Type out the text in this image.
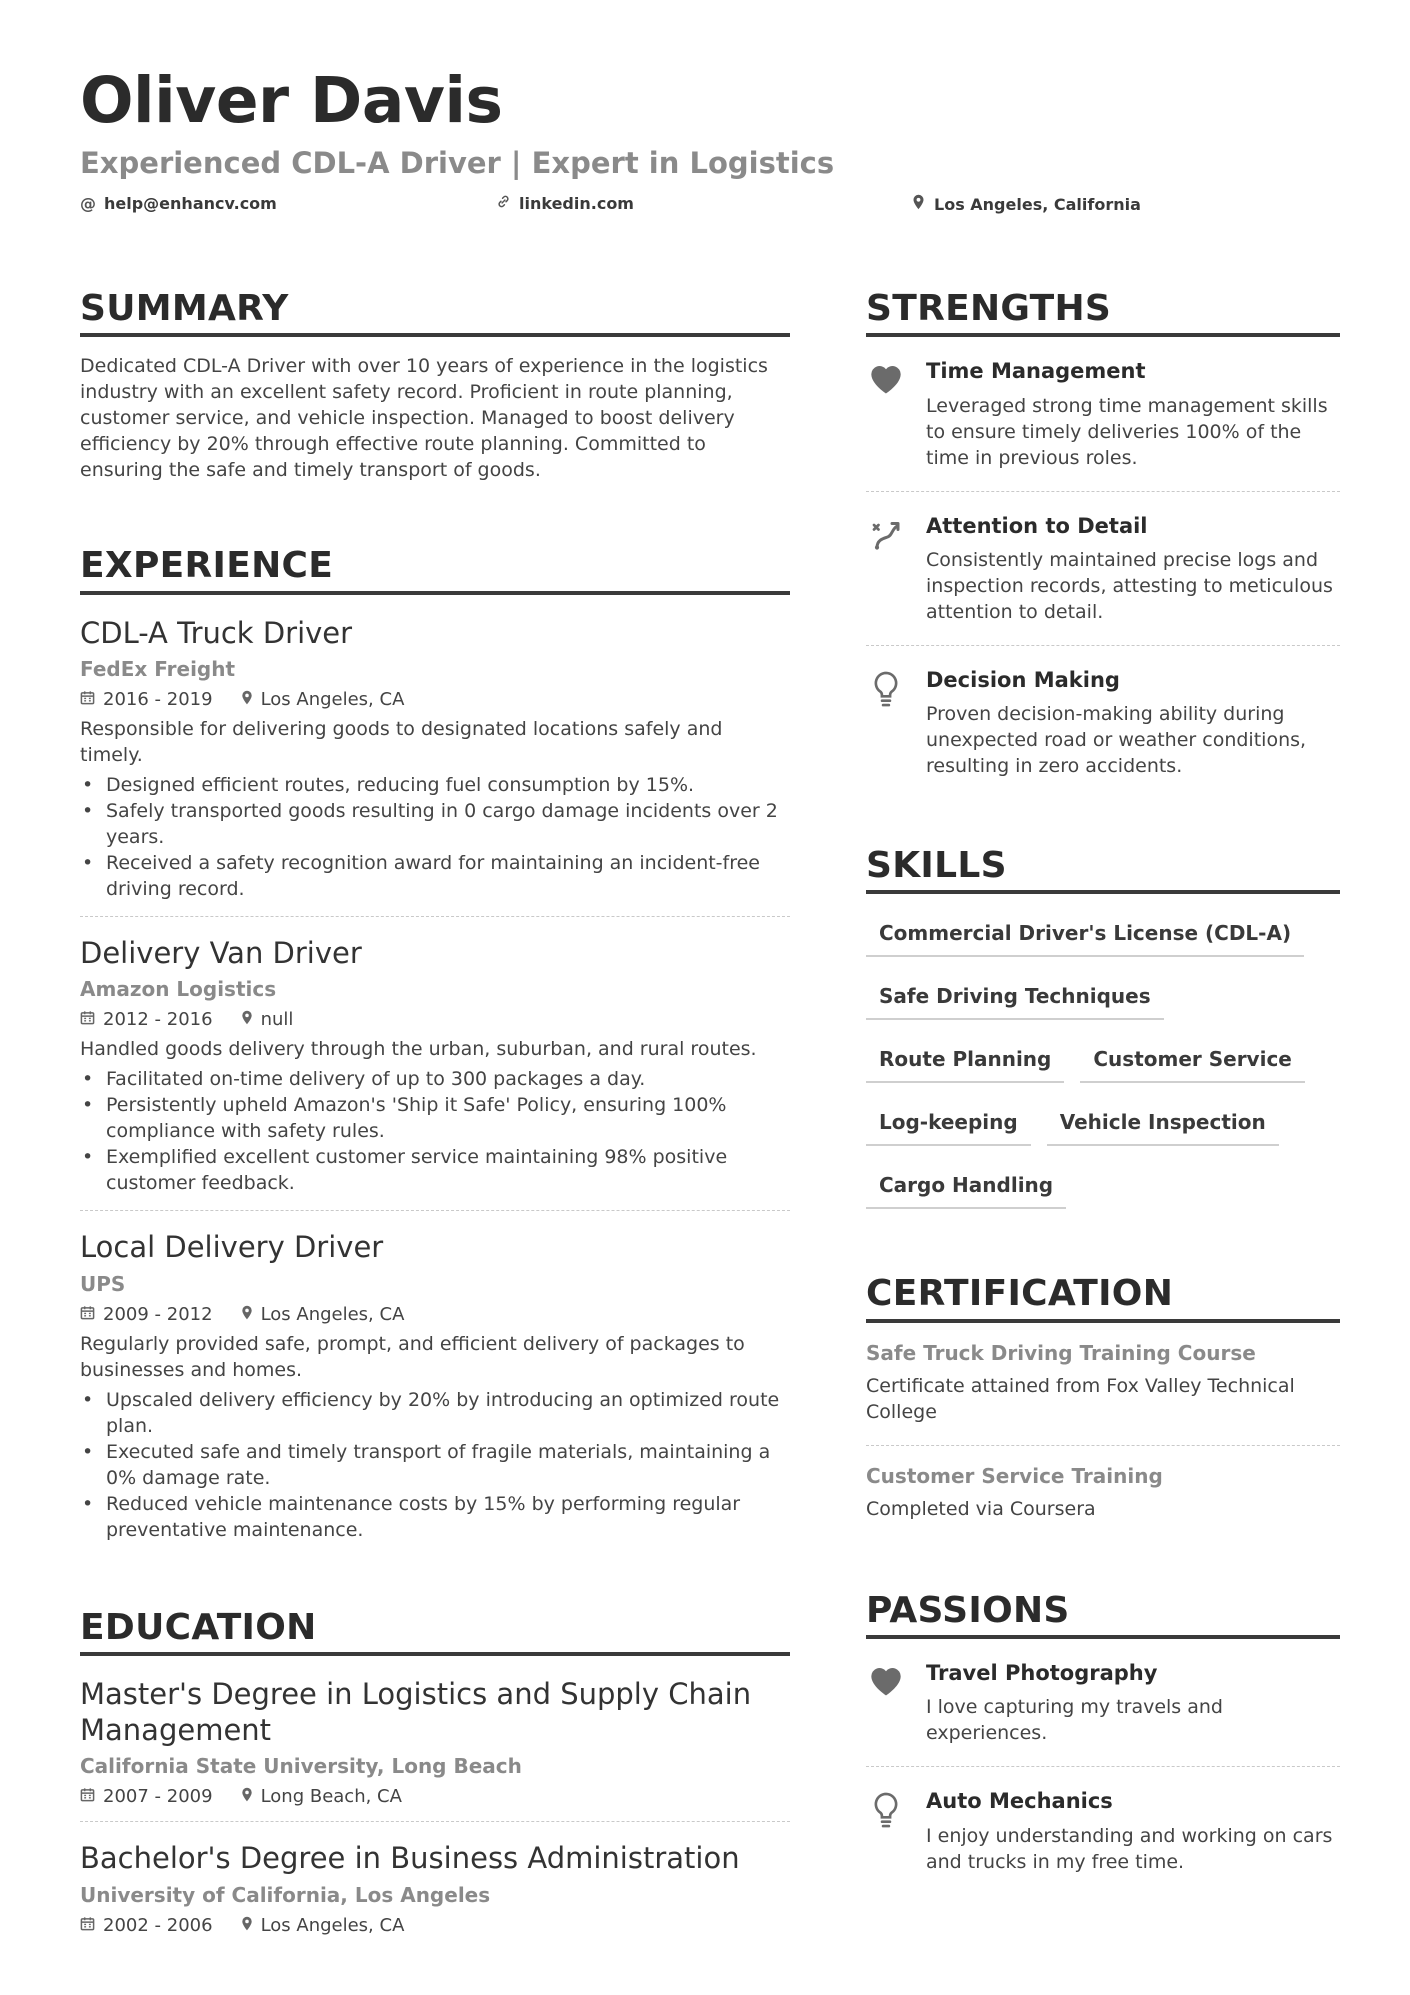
Oliver Davis
Experienced CDL-A Driver | Expert in Logistics
@ help@enhancv.com	linkedin.com	Los Angeles, California
SUMMARY

Dedicated CDL-A Driver with over 10 years of experience in the logistics industry with an excellent safety record. Proficient in route planning, customer service, and vehicle inspection. Managed to boost delivery efficiency by 20% through effective route planning. Committed to ensuring the safe and timely transport of goods.

EXPERIENCE
CDL-A Truck Driver
FedEx Freight
2016 - 2019	Los Angeles, CA
Responsible for delivering goods to designated locations safely and timely.
• Designed efficient routes, reducing fuel consumption by 15%.
• Safely transported goods resulting in 0 cargo damage incidents over 2 years.
• Received a safety recognition award for maintaining an incident-free driving record.
Delivery Van Driver
Amazon Logistics
2012 - 2016	null
Handled goods delivery through the urban, suburban, and rural routes.
• Facilitated on-time delivery of up to 300 packages a day.
• Persistently upheld Amazon's 'Ship it Safe' Policy, ensuring 100% compliance with safety rules.
• Exemplified excellent customer service maintaining 98% positive customer feedback.
Local Delivery Driver
UPS
2009 - 2012	Los Angeles, CA
Regularly provided safe, prompt, and efficient delivery of packages to businesses and homes.
• Upscaled delivery efficiency by 20% by introducing an optimized route plan.
• Executed safe and timely transport of fragile materials, maintaining a 0% damage rate.
• Reduced vehicle maintenance costs by 15% by performing regular preventative maintenance.
EDUCATION
Master's Degree in Logistics and Supply Chain Management
California State University, Long Beach
2007 - 2009	Long Beach, CA
Bachelor's Degree in Business Administration
University of California, Los Angeles
2002 - 2006	Los Angeles, CA
STRENGTHS
Time Management
Leveraged strong time management skills to ensure timely deliveries 100% of the time in previous roles.
Attention to Detail
Consistently maintained precise logs and inspection records, attesting to meticulous attention to detail.
Decision Making
Proven decision-making ability during unexpected road or weather conditions, resulting in zero accidents.
SKILLS
Commercial Driver's License (CDL-A)
Safe Driving Techniques
Route Planning	Customer Service
Log-keeping	Vehicle Inspection
Cargo Handling
CERTIFICATION
Safe Truck Driving Training Course
Certificate attained from Fox Valley Technical College
Customer Service Training
Completed via Coursera
PASSIONS
Travel Photography
I love capturing my travels and experiences.
Auto Mechanics
I enjoy understanding and working on cars and trucks in my free time.
